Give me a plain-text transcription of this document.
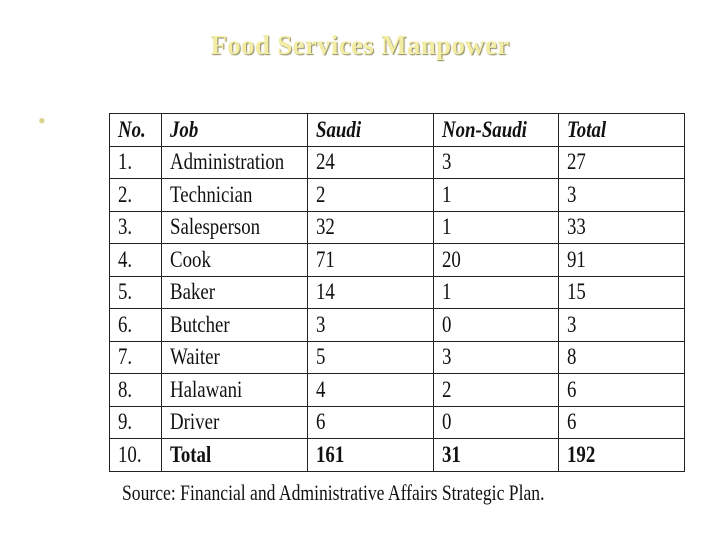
Food Services Manpower
•	No.	Job	Saudi	Non-Saudi	Total
1.	Administration	24	3	27
2.	Technician	2	1	3
3.	Salesperson	32	1	33
4.	Cook	71	20	91
5.	Baker	14	1	15
6.	Butcher	3	0	3
7.	Waiter	5	3	8
8.	Halawani	4	2	6
9.	Driver	6	0	6
10.	Total	161	31	192
Source: Financial and Administrative Affairs Strategic Plan.
